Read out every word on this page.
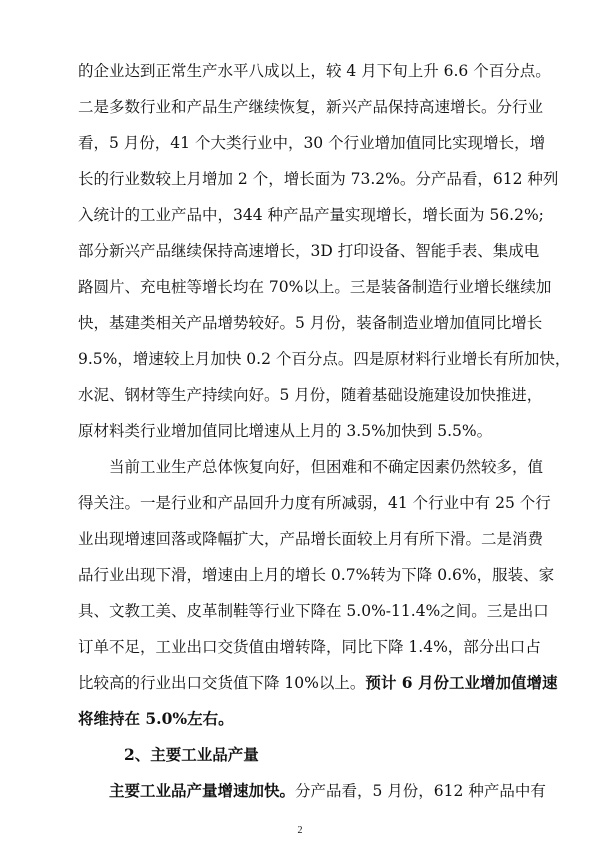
的企业达到正常生产水平八成以上，较 4 月下旬上升 6.6 个百分点。
二是多数行业和产品生产继续恢复，新兴产品保持高速增长。分行业
看，5 月份，41 个大类行业中，30 个行业增加值同比实现增长，增
长的行业数较上月增加 2 个，增长面为 73.2%。分产品看，612 种列
入统计的工业产品中，344 种产品产量实现增长，增长面为 56.2%;
部分新兴产品继续保持高速增长，3D 打印设备、智能手表、集成电
路圆片、充电桩等增长均在 70%以上。三是装备制造行业增长继续加
快，基建类相关产品增势较好。5 月份，装备制造业增加值同比增长
9.5%，增速较上月加快 0.2 个百分点。四是原材料行业增长有所加快，
水泥、钢材等生产持续向好。5 月份，随着基础设施建设加快推进，
原材料类行业增加值同比增速从上月的 3.5%加快到 5.5%。
当前工业生产总体恢复向好，但困难和不确定因素仍然较多，值
得关注。一是行业和产品回升力度有所减弱，41 个行业中有 25 个行
业出现增速回落或降幅扩大，产品增长面较上月有所下滑。二是消费
品行业出现下滑，增速由上月的增长 0.7%转为下降 0.6%，服装、家
具、文教工美、皮革制鞋等行业下降在 5.0%-11.4%之间。三是出口
订单不足，工业出口交货值由增转降，同比下降 1.4%，部分出口占
比较高的行业出口交货值下降 10%以上。预计 6 月份工业增加值增速
将维持在 5.0%左右。
2、主要工业品产量
主要工业品产量增速加快。分产品看，5 月份，612 种产品中有
2
